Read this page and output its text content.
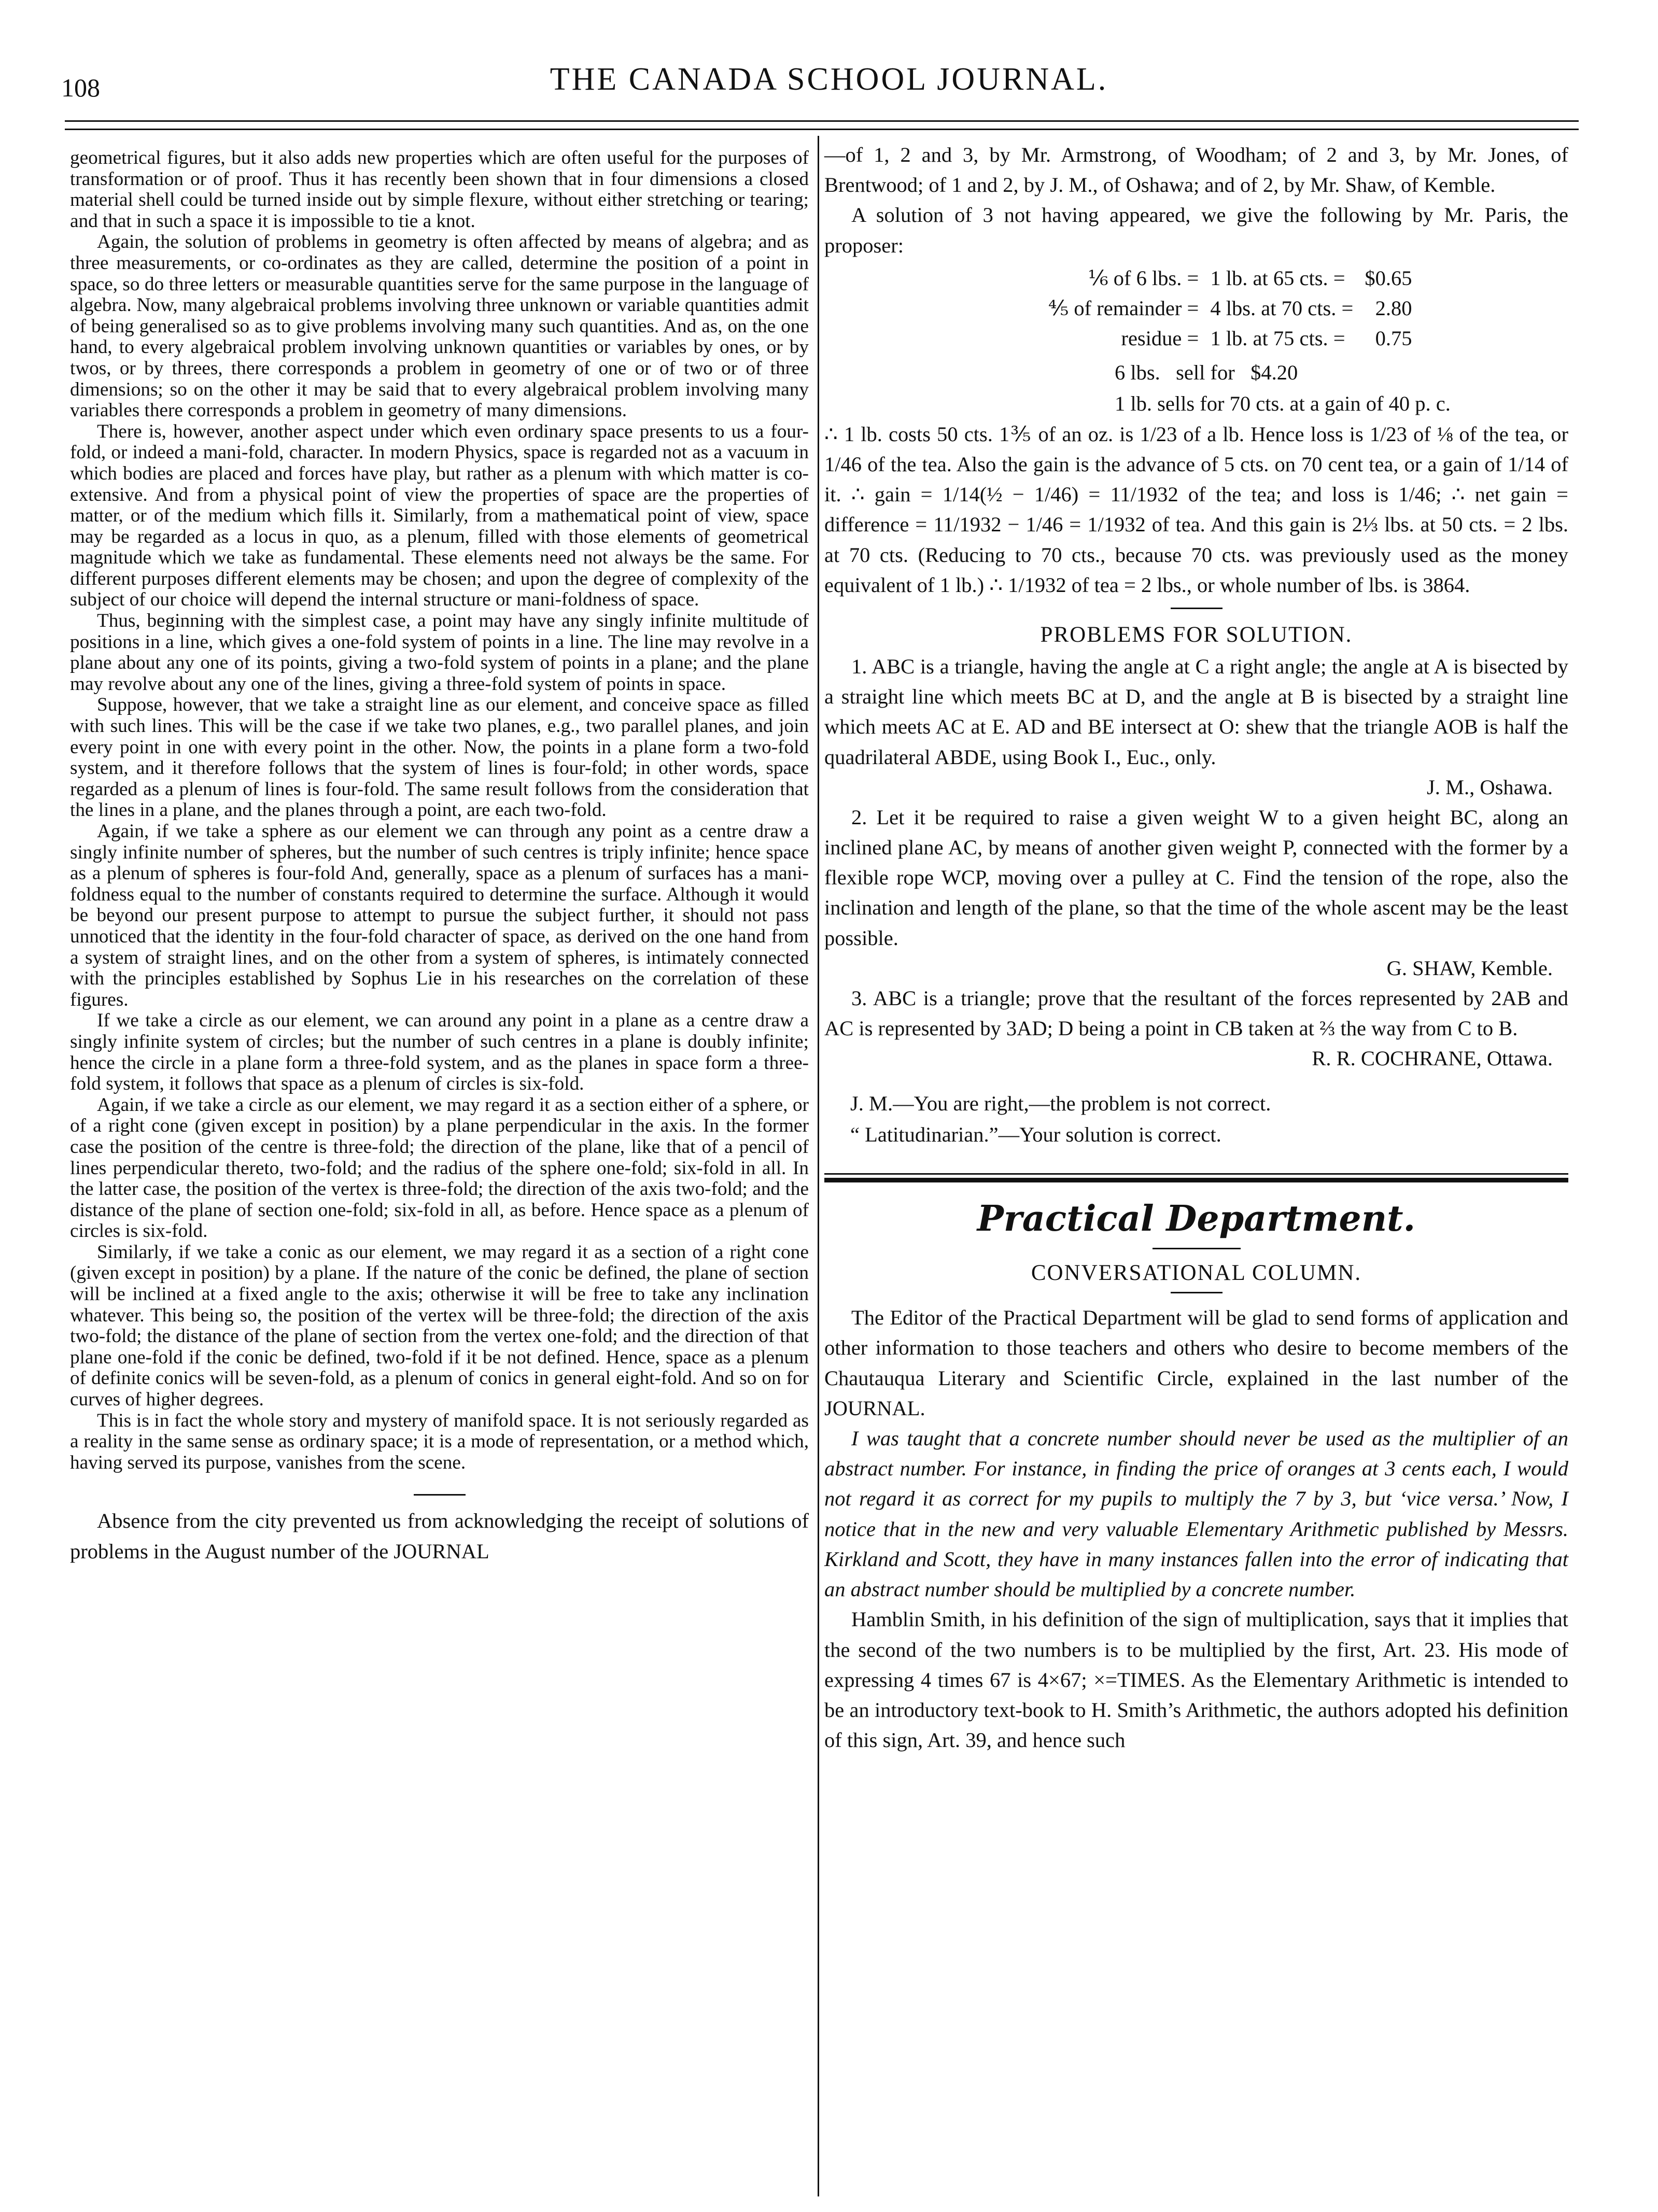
108	THE CANADA SCHOOL JOURNAL.

geometrical figures, but it also adds new properties which are often useful for the purposes of transformation or of proof. Thus it has recently been shown that in four dimensions a closed material shell could be turned inside out by simple flexure, without either stretching or tearing; and that in such a space it is impossible to tie a knot.

Again, the solution of problems in geometry is often affected by means of algebra; and as three measurements, or co-ordinates as they are called, determine the position of a point in space, so do three letters or measurable quantities serve for the same purpose in the language of algebra. Now, many algebraical problems involving three unknown or variable quantities admit of being generalised so as to give problems involving many such quantities. And as, on the one hand, to every algebraical problem involving unknown quantities or variables by ones, or by twos, or by threes, there corresponds a problem in geometry of one or of two or of three dimensions; so on the other it may be said that to every algebraical problem involving many variables there corresponds a problem in geometry of many dimensions.

There is, however, another aspect under which even ordinary space presents to us a four-fold, or indeed a mani-fold, character. In modern Physics, space is regarded not as a vacuum in which bodies are placed and forces have play, but rather as a plenum with which matter is co-extensive. And from a physical point of view the properties of space are the properties of matter, or of the medium which fills it. Similarly, from a mathematical point of view, space may be regarded as a locus in quo, as a plenum, filled with those elements of geometrical magnitude which we take as fundamental. These elements need not always be the same. For different purposes different elements may be chosen; and upon the degree of complexity of the subject of our choice will depend the internal structure or mani-foldness of space.

Thus, beginning with the simplest case, a point may have any singly infinite multitude of positions in a line, which gives a one-fold system of points in a line. The line may revolve in a plane about any one of its points, giving a two-fold system of points in a plane; and the plane may revolve about any one of the lines, giving a three-fold system of points in space.

Suppose, however, that we take a straight line as our element, and conceive space as filled with such lines. This will be the case if we take two planes, e.g., two parallel planes, and join every point in one with every point in the other. Now, the points in a plane form a two-fold system, and it therefore follows that the system of lines is four-fold; in other words, space regarded as a plenum of lines is four-fold. The same result follows from the consideration that the lines in a plane, and the planes through a point, are each two-fold.

Again, if we take a sphere as our element we can through any point as a centre draw a singly infinite number of spheres, but the number of such centres is triply infinite; hence space as a plenum of spheres is four-fold And, generally, space as a plenum of surfaces has a mani-foldness equal to the number of constants required to determine the surface. Although it would be beyond our present purpose to attempt to pursue the subject further, it should not pass unnoticed that the identity in the four-fold character of space, as derived on the one hand from a system of straight lines, and on the other from a system of spheres, is intimately connected with the principles established by Sophus Lie in his researches on the correlation of these figures.

If we take a circle as our element, we can around any point in a plane as a centre draw a singly infinite system of circles; but the number of such centres in a plane is doubly infinite; hence the circle in a plane form a three-fold system, and as the planes in space form a three-fold system, it follows that space as a plenum of circles is six-fold.

Again, if we take a circle as our element, we may regard it as a section either of a sphere, or of a right cone (given except in position) by a plane perpendicular in the axis. In the former case the position of the centre is three-fold; the direction of the plane, like that of a pencil of lines perpendicular thereto, two-fold; and the radius of the sphere one-fold; six-fold in all. In the latter case, the position of the vertex is three-fold; the direction of the axis two-fold; and the distance of the plane of section one-fold; six-fold in all, as before. Hence space as a plenum of circles is six-fold.

Similarly, if we take a conic as our element, we may regard it as a section of a right cone (given except in position) by a plane. If the nature of the conic be defined, the plane of section will be inclined at a fixed angle to the axis; otherwise it will be free to take any inclination whatever. This being so, the position of the vertex will be three-fold; the direction of the axis two-fold; the distance of the plane of section from the vertex one-fold; and the direction of that plane one-fold if the conic be defined, two-fold if it be not defined. Hence, space as a plenum of definite conics will be seven-fold, as a plenum of conics in general eight-fold. And so on for curves of higher degrees.

This is in fact the whole story and mystery of manifold space. It is not seriously regarded as a reality in the same sense as ordinary space; it is a mode of representation, or a method which, having served its purpose, vanishes from the scene.

Absence from the city prevented us from acknowledging the receipt of solutions of problems in the August number of the JOURNAL

—of 1, 2 and 3, by Mr. Armstrong, of Woodham; of 2 and 3, by Mr. Jones, of Brentwood; of 1 and 2, by J. M., of Oshawa; and of 2, by Mr. Shaw, of Kemble.

A solution of 3 not having appeared, we give the following by Mr. Paris, the proposer:

⅙ of 6 lbs. =	1 lb. at 65 cts. =	$0.65
⅘ of remainder =	4 lbs. at 70 cts. =	2.80
residue =	1 lb. at 75 cts. =	0.75
6 lbs.   sell for   $4.20
1 lb. sells for 70 cts. at a gain of 40 p. c.

∴ 1 lb. costs 50 cts. 1⅗ of an oz. is 1/23 of a lb. Hence loss is 1/23 of ⅛ of the tea, or 1/46 of the tea. Also the gain is the advance of 5 cts. on 70 cent tea, or a gain of 1/14 of it. ∴ gain = 1/14(½ − 1/46) = 11/1932 of the tea; and loss is 1/46; ∴ net gain = difference = 11/1932 − 1/46 = 1/1932 of tea. And this gain is 2⅓ lbs. at 50 cts. = 2 lbs. at 70 cts. (Reducing to 70 cts., because 70 cts. was previously used as the money equivalent of 1 lb.) ∴ 1/1932 of tea = 2 lbs., or whole number of lbs. is 3864.

PROBLEMS FOR SOLUTION.

1. ABC is a triangle, having the angle at C a right angle; the angle at A is bisected by a straight line which meets BC at D, and the angle at B is bisected by a straight line which meets AC at E. AD and BE intersect at O: shew that the triangle AOB is half the quadrilateral ABDE, using Book I., Euc., only.

J. M., Oshawa.

2. Let it be required to raise a given weight W to a given height BC, along an inclined plane AC, by means of another given weight P, connected with the former by a flexible rope WCP, moving over a pulley at C. Find the tension of the rope, also the inclination and length of the plane, so that the time of the whole ascent may be the least possible.

G. SHAW, Kemble.

3. ABC is a triangle; prove that the resultant of the forces represented by 2AB and AC is represented by 3AD; D being a point in CB taken at ⅔ the way from C to B.

R. R. COCHRANE, Ottawa.
J. M.—You are right,—the problem is not correct.
“ Latitudinarian.”—Your solution is correct.
Practical Department.
CONVERSATIONAL COLUMN.

The Editor of the Practical Department will be glad to send forms of application and other information to those teachers and others who desire to become members of the Chautauqua Literary and Scientific Circle, explained in the last number of the JOURNAL.

I was taught that a concrete number should never be used as the multiplier of an abstract number. For instance, in finding the price of oranges at 3 cents each, I would not regard it as correct for my pupils to multiply the 7 by 3, but ‘vice versa.’ Now, I notice that in the new and very valuable Elementary Arithmetic published by Messrs. Kirkland and Scott, they have in many instances fallen into the error of indicating that an abstract number should be multiplied by a concrete number.

Hamblin Smith, in his definition of the sign of multiplication, says that it implies that the second of the two numbers is to be multiplied by the first, Art. 23. His mode of expressing 4 times 67 is 4×67; ×=TIMES. As the Elementary Arithmetic is intended to be an introductory text-book to H. Smith’s Arithmetic, the authors adopted his definition of this sign, Art. 39, and hence such
